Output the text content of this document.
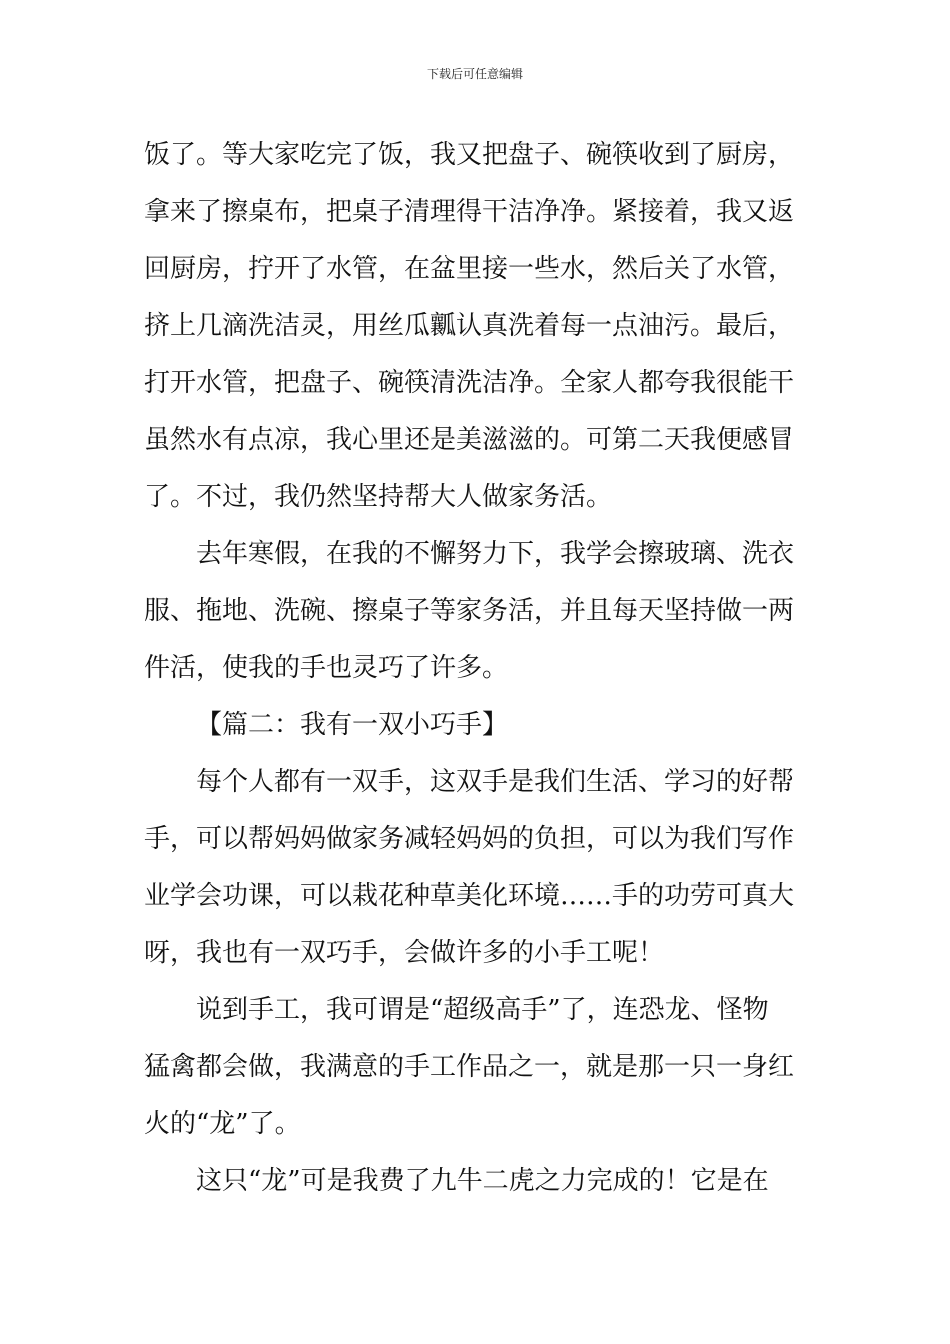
下载后可任意编辑
饭了。等大家吃完了饭，我又把盘子、碗筷收到了厨房，
拿来了擦桌布，把桌子清理得干洁净净。紧接着，我又返
回厨房，拧开了水管，在盆里接一些水，然后关了水管，
挤上几滴洗洁灵，用丝瓜瓤认真洗着每一点油污。最后，
打开水管，把盘子、碗筷清洗洁净。全家人都夸我很能干
虽然水有点凉，我心里还是美滋滋的。可第二天我便感冒
了。不过，我仍然坚持帮大人做家务活。
去年寒假，在我的不懈努力下，我学会擦玻璃、洗衣
服、拖地、洗碗、擦桌子等家务活，并且每天坚持做一两
件活，使我的手也灵巧了许多。
【篇二：我有一双小巧手】
每个人都有一双手，这双手是我们生活、学习的好帮
手，可以帮妈妈做家务减轻妈妈的负担，可以为我们写作
业学会功课，可以栽花种草美化环境……手的功劳可真大
呀，我也有一双巧手，会做许多的小手工呢！
说到手工，我可谓是“超级高手”了，连恐龙、怪物
猛禽都会做，我满意的手工作品之一，就是那一只一身红
火的“龙”了。
这只“龙”可是我费了九牛二虎之力完成的！它是在
